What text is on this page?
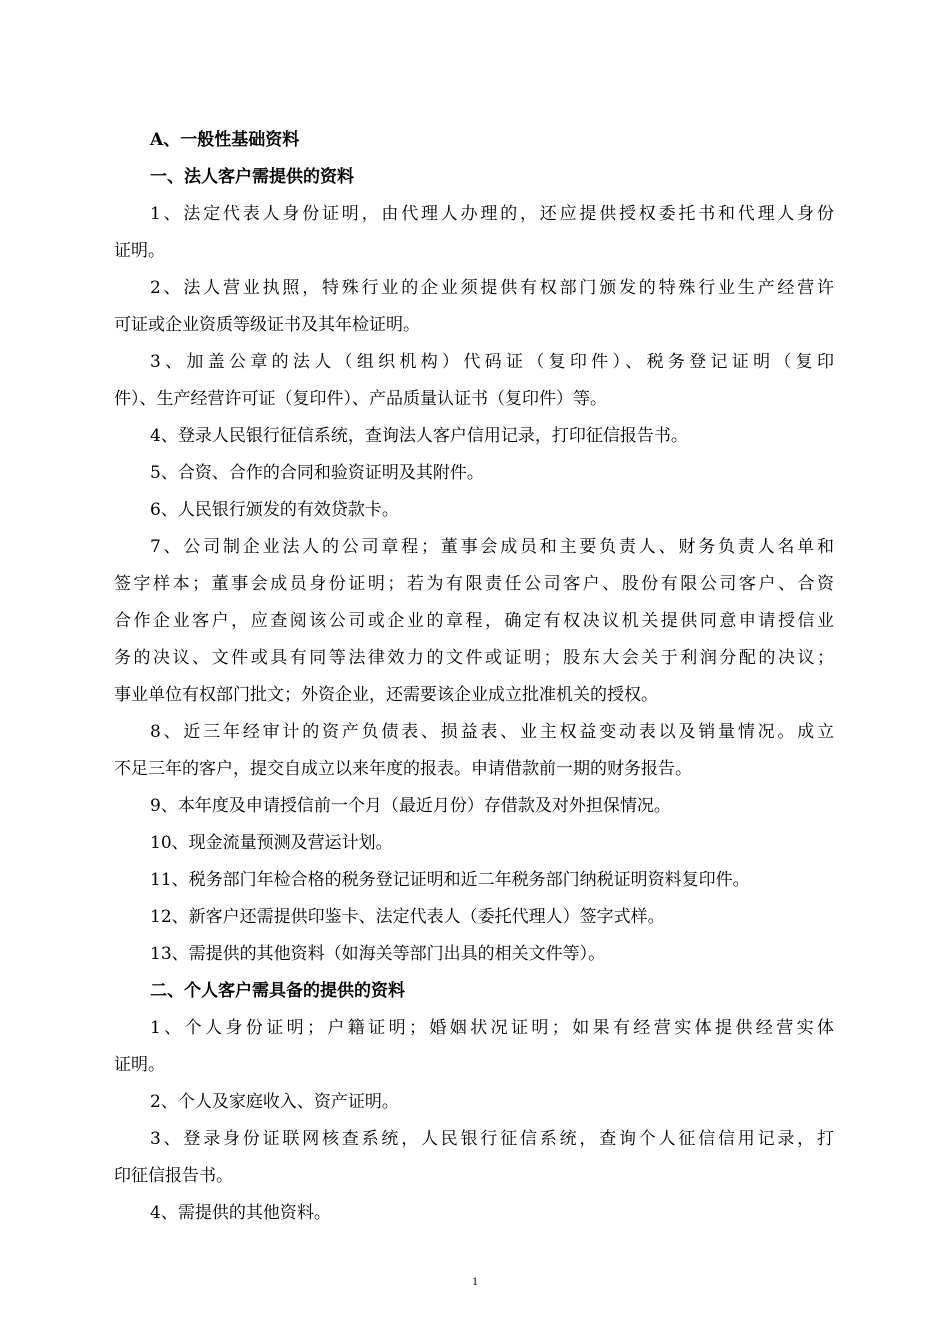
A、一般性基础资料

一、法人客户需提供的资料

1、法定代表人身份证明，由代理人办理的，还应提供授权委托书和代理人身份

证明。

2、法人营业执照，特殊行业的企业须提供有权部门颁发的特殊行业生产经营许

可证或企业资质等级证书及其年检证明。

3、加盖公章的法人（组织机构）代码证（复印件）、税务登记证明（复印

件）、生产经营许可证（复印件）、产品质量认证书（复印件）等。

4、登录人民银行征信系统，查询法人客户信用记录，打印征信报告书。

5、合资、合作的合同和验资证明及其附件。

6、人民银行颁发的有效贷款卡。

7、公司制企业法人的公司章程；董事会成员和主要负责人、财务负责人名单和

签字样本；董事会成员身份证明；若为有限责任公司客户、股份有限公司客户、合资

合作企业客户，应查阅该公司或企业的章程，确定有权决议机关提供同意申请授信业

务的决议、文件或具有同等法律效力的文件或证明；股东大会关于利润分配的决议；

事业单位有权部门批文；外资企业，还需要该企业成立批准机关的授权。

8、近三年经审计的资产负债表、损益表、业主权益变动表以及销量情况。成立

不足三年的客户，提交自成立以来年度的报表。申请借款前一期的财务报告。

9、本年度及申请授信前一个月（最近月份）存借款及对外担保情况。

10、现金流量预测及营运计划。

11、税务部门年检合格的税务登记证明和近二年税务部门纳税证明资料复印件。

12、新客户还需提供印鉴卡、法定代表人（委托代理人）签字式样。

13、需提供的其他资料（如海关等部门出具的相关文件等）。

二、个人客户需具备的提供的资料

1、个人身份证明；户籍证明；婚姻状况证明；如果有经营实体提供经营实体

证明。

2、个人及家庭收入、资产证明。

3、登录身份证联网核查系统，人民银行征信系统，查询个人征信信用记录，打

印征信报告书。

4、需提供的其他资料。

1
